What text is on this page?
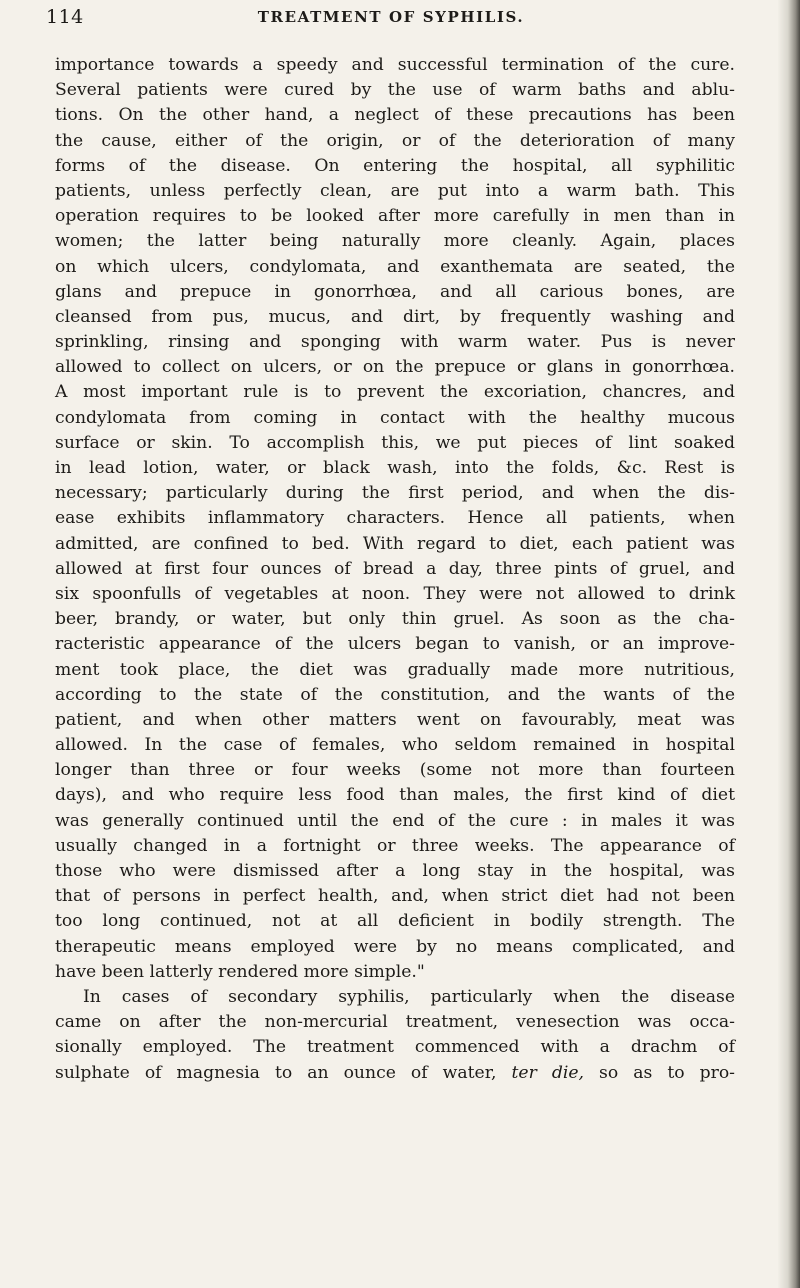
114	TREATMENT OF SYPHILIS.
importance towards a speedy and successful termination of the cure.
Several patients were cured by the use of warm baths and ablu-
tions. On the other hand, a neglect of these precautions has been
the cause, either of the origin, or of the deterioration of many
forms of the disease. On entering the hospital, all syphilitic
patients, unless perfectly clean, are put into a warm bath. This
operation requires to be looked after more carefully in men than in
women; the latter being naturally more cleanly. Again, places
on which ulcers, condylomata, and exanthemata are seated, the
glans and prepuce in gonorrhœa, and all carious bones, are
cleansed from pus, mucus, and dirt, by frequently washing and
sprinkling, rinsing and sponging with warm water. Pus is never
allowed to collect on ulcers, or on the prepuce or glans in gonorrhœa.
A most important rule is to prevent the excoriation, chancres, and
condylomata from coming in contact with the healthy mucous
surface or skin. To accomplish this, we put pieces of lint soaked
in lead lotion, water, or black wash, into the folds, &c. Rest is
necessary; particularly during the first period, and when the dis-
ease exhibits inflammatory characters. Hence all patients, when
admitted, are confined to bed. With regard to diet, each patient was
allowed at first four ounces of bread a day, three pints of gruel, and
six spoonfulls of vegetables at noon. They were not allowed to drink
beer, brandy, or water, but only thin gruel. As soon as the cha-
racteristic appearance of the ulcers began to vanish, or an improve-
ment took place, the diet was gradually made more nutritious,
according to the state of the constitution, and the wants of the
patient, and when other matters went on favourably, meat was
allowed. In the case of females, who seldom remained in hospital
longer than three or four weeks (some not more than fourteen
days), and who require less food than males, the first kind of diet
was generally continued until the end of the cure : in males it was
usually changed in a fortnight or three weeks. The appearance of
those who were dismissed after a long stay in the hospital, was
that of persons in perfect health, and, when strict diet had not been
too long continued, not at all deficient in bodily strength. The
therapeutic means employed were by no means complicated, and
have been latterly rendered more simple."
In cases of secondary syphilis, particularly when the disease
came on after the non-mercurial treatment, venesection was occa-
sionally employed. The treatment commenced with a drachm of
sulphate of magnesia to an ounce of water, ter die, so as to pro-
